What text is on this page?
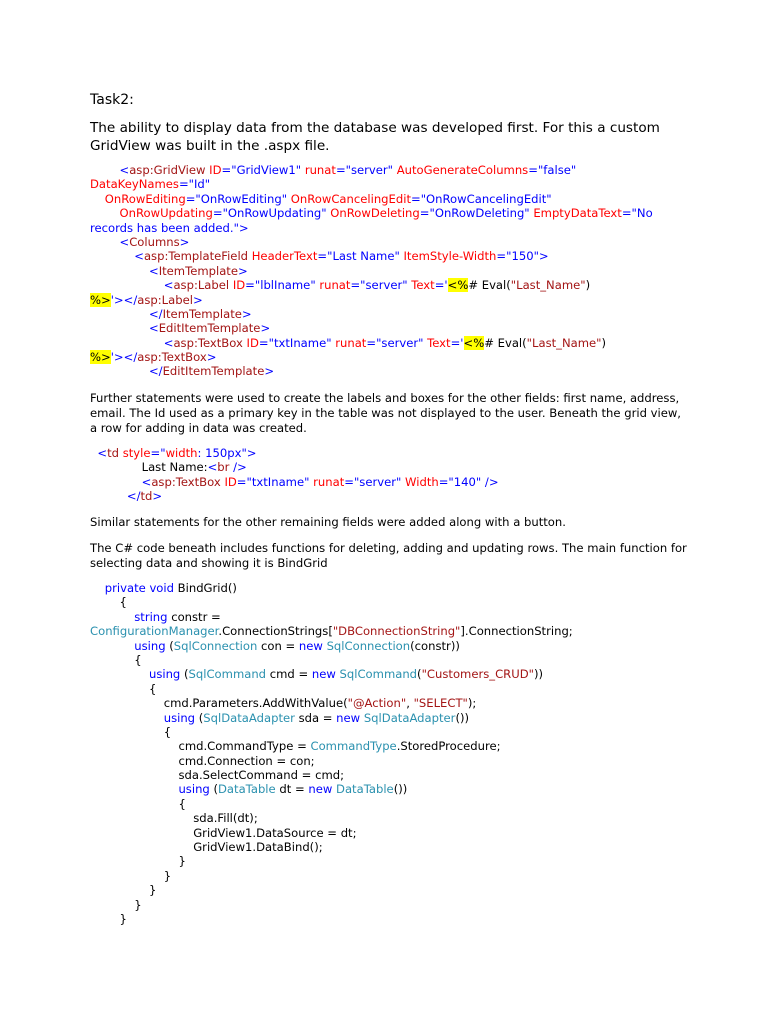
Task2:
The ability to display data from the database was developed first. For this a custom GridView was built in the .aspx file.
<asp:GridView ID="GridView1" runat="server" AutoGenerateColumns="false"
DataKeyNames="Id"
OnRowEditing="OnRowEditing" OnRowCancelingEdit="OnRowCancelingEdit"
OnRowUpdating="OnRowUpdating" OnRowDeleting="OnRowDeleting" EmptyDataText="No
records has been added.">
<Columns>
<asp:TemplateField HeaderText="Last Name" ItemStyle-Width="150">
<ItemTemplate>
<asp:Label ID="lblIname" runat="server" Text='<%# Eval("Last_Name")
%>'></asp:Label>
</ItemTemplate>
<EditItemTemplate>
<asp:TextBox ID="txtIname" runat="server" Text='<%# Eval("Last_Name")
%>'></asp:TextBox>
</EditItemTemplate>
Further statements were used to create the labels and boxes for the other fields: first name, address, email. The Id used as a primary key in the table was not displayed to the user. Beneath the grid view, a row for adding in data was created.
<td style="width: 150px">
Last Name:<br />
<asp:TextBox ID="txtIname" runat="server" Width="140" />
</td>
Similar statements for the other remaining fields were added along with a button.
The C# code beneath includes functions for deleting, adding and updating rows. The main function for selecting data and showing it is BindGrid
private void BindGrid()
{
string constr =
ConfigurationManager.ConnectionStrings["DBConnectionString"].ConnectionString;
using (SqlConnection con = new SqlConnection(constr))
{
using (SqlCommand cmd = new SqlCommand("Customers_CRUD"))
{
cmd.Parameters.AddWithValue("@Action", "SELECT");
using (SqlDataAdapter sda = new SqlDataAdapter())
{
cmd.CommandType = CommandType.StoredProcedure;
cmd.Connection = con;
sda.SelectCommand = cmd;
using (DataTable dt = new DataTable())
{
sda.Fill(dt);
GridView1.DataSource = dt;
GridView1.DataBind();
}
}
}
}
}
